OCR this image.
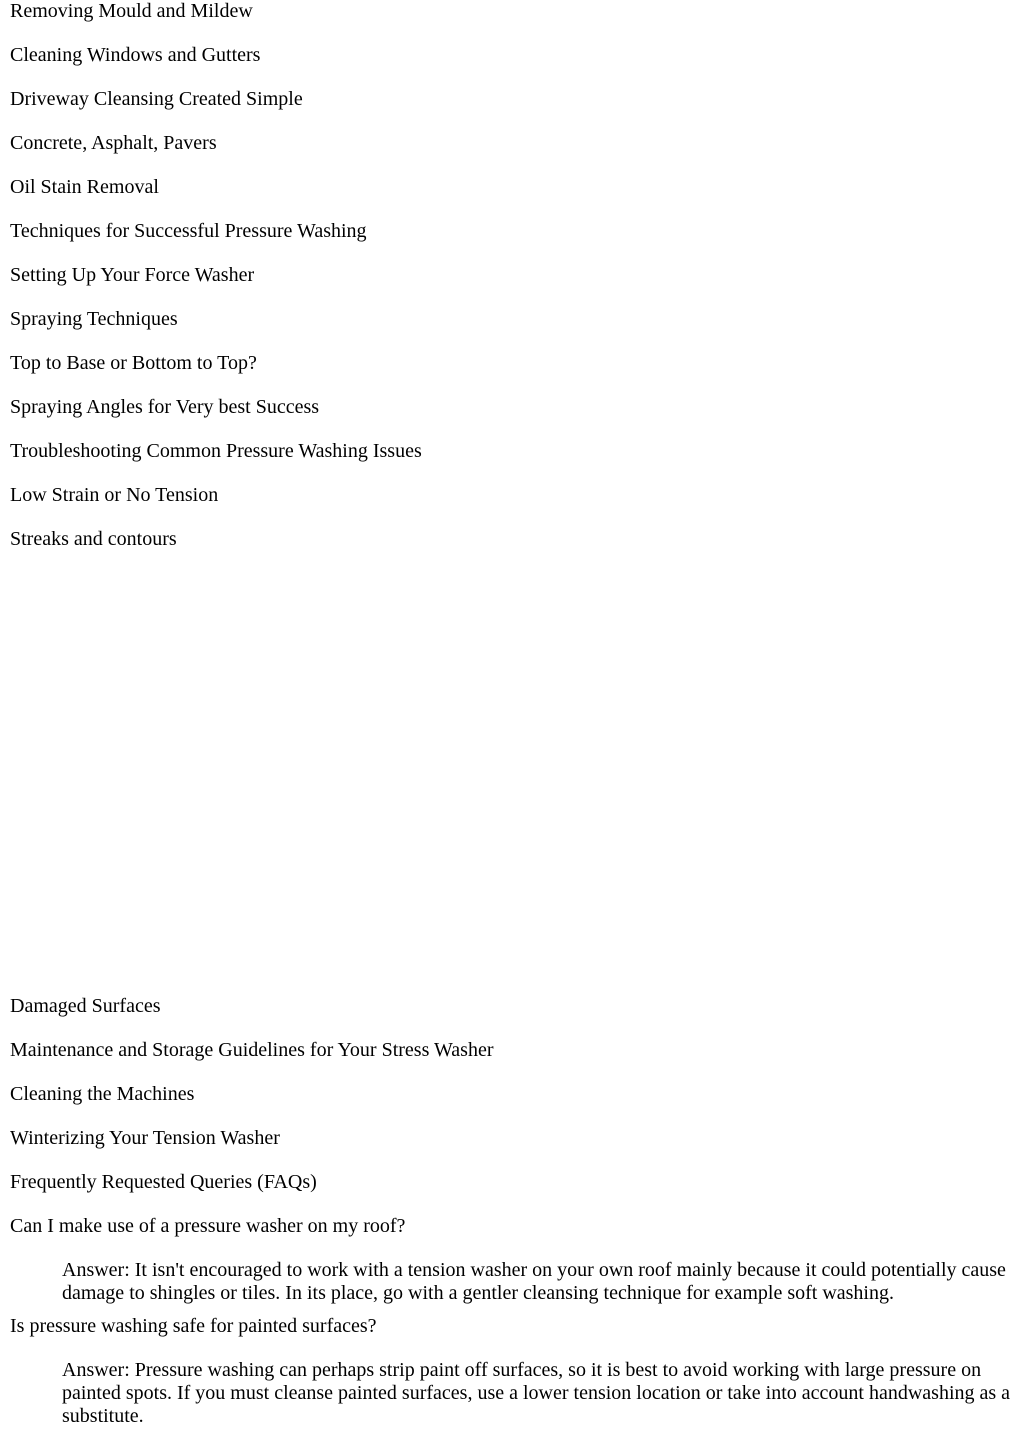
Removing Mould and Mildew

Cleaning Windows and Gutters

Driveway Cleansing Created Simple

Concrete, Asphalt, Pavers

Oil Stain Removal

Techniques for Successful Pressure Washing

Setting Up Your Force Washer

Spraying Techniques

Top to Base or Bottom to Top?

Spraying Angles for Very best Success

Troubleshooting Common Pressure Washing Issues

Low Strain or No Tension

Streaks and contours

Damaged Surfaces

Maintenance and Storage Guidelines for Your Stress Washer

Cleaning the Machines

Winterizing Your Tension Washer

Frequently Requested Queries (FAQs)

Can I make use of a pressure washer on my roof?

Answer: It isn't encouraged to work with a tension washer on your own roof mainly because it could potentially cause damage to shingles or tiles. In its place, go with a gentler cleansing technique for example soft washing.

Is pressure washing safe for painted surfaces?

Answer: Pressure washing can perhaps strip paint off surfaces, so it is best to avoid working with large pressure on painted spots. If you must cleanse painted surfaces, use a lower tension location or take into account handwashing as a substitute.
